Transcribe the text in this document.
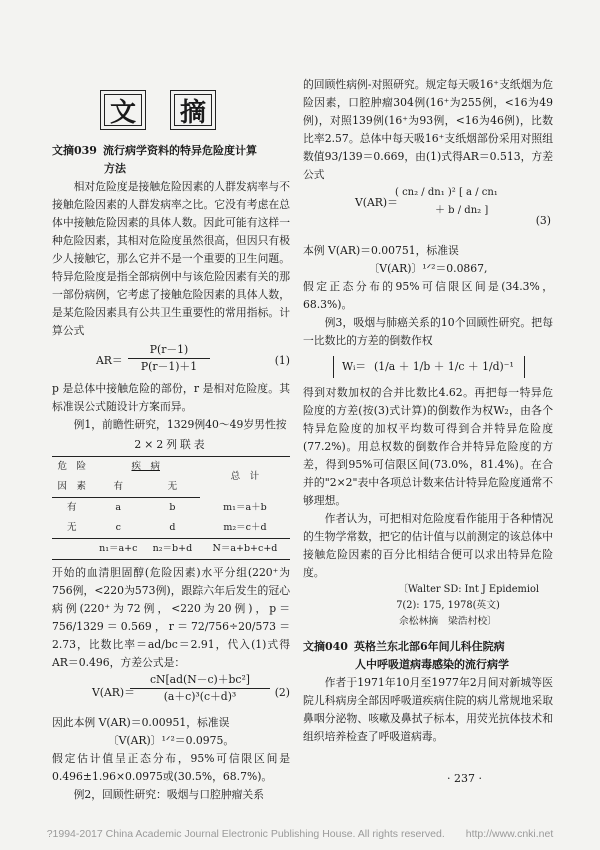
文 摘
文摘039 流行病学资料的特异危险度计算
方法

相对危险度是接触危险因素的人群发病率与不接触危险因素的人群发病率之比。它没有考虑在总体中接触危险因素的具体人数。因此可能有这样一种危险因素，其相对危险度虽然很高，但因只有极少人接触它，那么它并不是一个重要的卫生问题。特异危险度是指全部病例中与该危险因素有关的那一部份病例，它考虑了接触危险因素的具体人数，是某危险因素具有公共卫生重要性的常用指标。计算公式

$AR= \frac{P(r-1)}{P(r-1)+1}$	(1)

p 是总体中接触危险的部份，r 是相对危险度。其标准误公式随设计方案而异。

例1，前瞻性研究，1329例40～49岁男性按

2×2列联表
危　险	疾　病		总　计
因　素	有	无	
有	a	b	m₁＝a＋b
无	c	d	m₂＝c＋d
	n₁＝a+c	n₂＝b+d	N＝a+b+c+d

开始的血清胆固醇(危险因素)水平分组(220⁺为756例，<220为573例)，跟踪六年后发生的冠心病例(220⁺为72例，<220为20例)，p＝756/1329＝0.569，r＝72/756÷20/573＝2.73，比数比率＝ad/bc＝2.91，代入(1)式得AR＝0.496，方差公式是：

V(AR)＝
$\frac{\text{cN[ad(N－c)＋bc²]}}{\text{(a＋c)³(c＋d)³}} (2)$

因此本例 V(AR)＝0.00951，标准误

〔V(AR)〕¹ᐟ²＝0.0975。

假定估计值呈正态分布，95%可信限区间是0.496±1.96×0.0975或(30.5%，68.7%)。

例2，回顾性研究：吸烟与口腔肿瘤关系

的回顾性病例-对照研究。规定每天吸16⁺支纸烟为危险因素，口腔肿瘤304例(16⁺为255例，<16为49例)，对照139例(16⁺为93例，<16为46例)，比数比率2.57。总体中每天吸16⁺支纸烟部份采用对照组数值93/139＝0.669，由(1)式得AR＝0.513，方差公式

V(AR)＝
( cn₂ / dn₁ )² [ a / cn₁
＋ b / dn₂ ]
(3)

本例 V(AR)＝0.00751，标准误

〔V(AR)〕¹ᐟ²＝0.0867,

假定正态分布的95%可信限区间是(34.3%，68.3%)。

例3，吸烟与肺癌关系的10个回顾性研究。把每一比数比的方差的倒数作权

Wᵢ＝ (1/a ＋ 1/b ＋ 1/c ＋ 1/d)⁻¹

得到对数加权的合并比数比4.62。再把每一特异危险度的方差(按(3)式计算)的倒数作为权W₂，由各个特异危险度的加权平均数可得到合并特异危险度(77.2%)。用总权数的倒数作合并特异危险度的方差，得到95%可信限区间(73.0%，81.4%)。在合并的"2×2"表中各项总计数来估计特异危险度通常不够理想。

作者认为，可把相对危险度看作能用于各种情况的生物学常数，把它的估计值与以前测定的该总体中接触危险因素的百分比相结合便可以求出特异危险度。

〔Walter SD: Int J Epidemiol
7(2): 175, 1978(英文)
佘松林摘　梁浩村校〕
文摘040 英格兰东北部6年间儿科住院病
人中呼吸道病毒感染的流行病学

作者于1971年10月至1977年2月间对新城等医院儿科病房全部因呼吸道疾病住院的病儿常规地采取鼻咽分泌物、咳嗽及鼻拭子标本，用荧光抗体技术和组织培养检查了呼吸道病毒。

· 237 ·
?1994-2017 China Academic Journal Electronic Publishing House. All rights reserved.　　http://www.cnki.net
